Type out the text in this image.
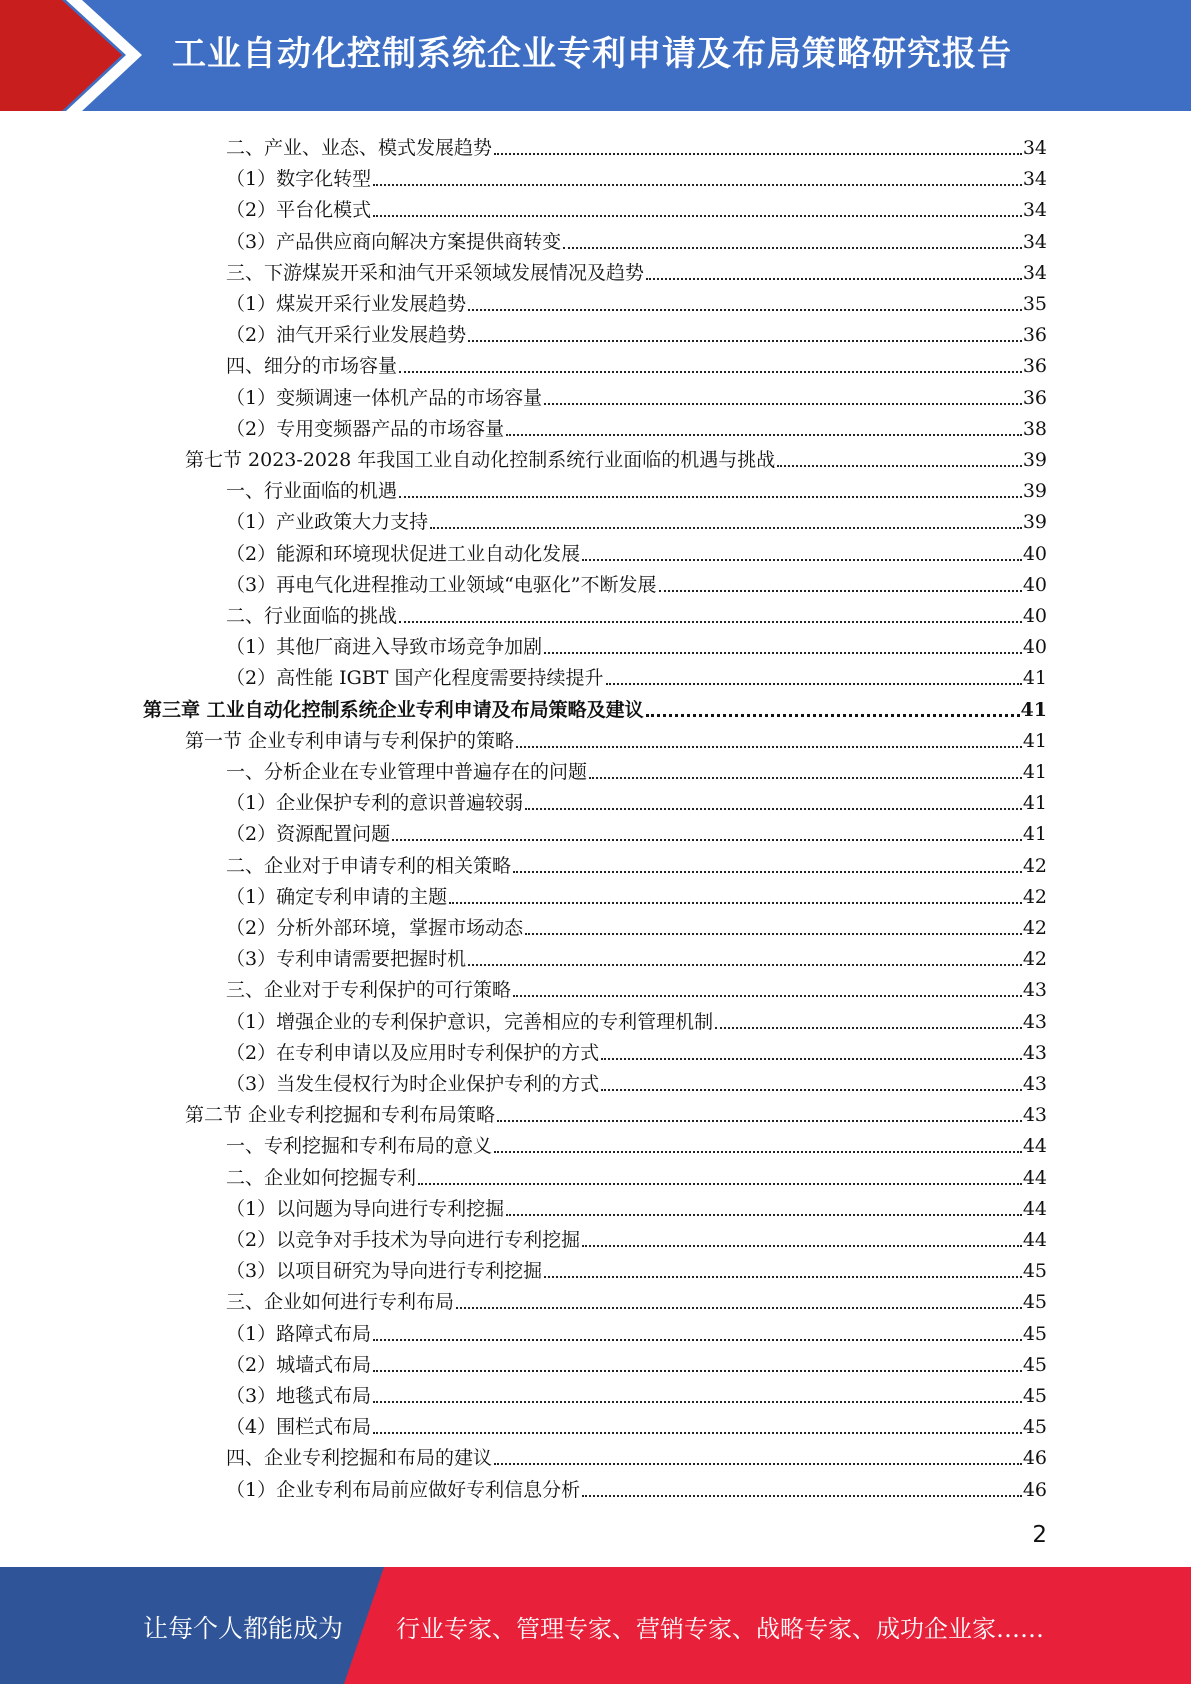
工业自动化控制系统企业专利申请及布局策略研究报告
二、产业、业态、模式发展趋势	34
（1）数字化转型	34
（2）平台化模式	34
（3）产品供应商向解决方案提供商转变	34
三、下游煤炭开采和油气开采领域发展情况及趋势	34
（1）煤炭开采行业发展趋势	35
（2）油气开采行业发展趋势	36
四、细分的市场容量	36
（1）变频调速一体机产品的市场容量	36
（2）专用变频器产品的市场容量	38
第七节 2023-2028 年我国工业自动化控制系统行业面临的机遇与挑战	39
一、行业面临的机遇	39
（1）产业政策大力支持	39
（2）能源和环境现状促进工业自动化发展	40
（3）再电气化进程推动工业领域“电驱化”不断发展	40
二、行业面临的挑战	40
（1）其他厂商进入导致市场竞争加剧	40
（2）高性能 IGBT 国产化程度需要持续提升	41
第三章 工业自动化控制系统企业专利申请及布局策略及建议	41
第一节 企业专利申请与专利保护的策略	41
一、分析企业在专业管理中普遍存在的问题	41
（1）企业保护专利的意识普遍较弱	41
（2）资源配置问题	41
二、企业对于申请专利的相关策略	42
（1）确定专利申请的主题	42
（2）分析外部环境，掌握市场动态	42
（3）专利申请需要把握时机	42
三、企业对于专利保护的可行策略	43
（1）增强企业的专利保护意识，完善相应的专利管理机制	43
（2）在专利申请以及应用时专利保护的方式	43
（3）当发生侵权行为时企业保护专利的方式	43
第二节 企业专利挖掘和专利布局策略	43
一、专利挖掘和专利布局的意义	44
二、企业如何挖掘专利	44
（1）以问题为导向进行专利挖掘	44
（2）以竞争对手技术为导向进行专利挖掘	44
（3）以项目研究为导向进行专利挖掘	45
三、企业如何进行专利布局	45
（1）路障式布局	45
（2）城墙式布局	45
（3）地毯式布局	45
（4）围栏式布局	45
四、企业专利挖掘和布局的建议	46
（1）企业专利布局前应做好专利信息分析	46
2
让每个人都能成为 行业专家、管理专家、营销专家、战略专家、成功企业家……
